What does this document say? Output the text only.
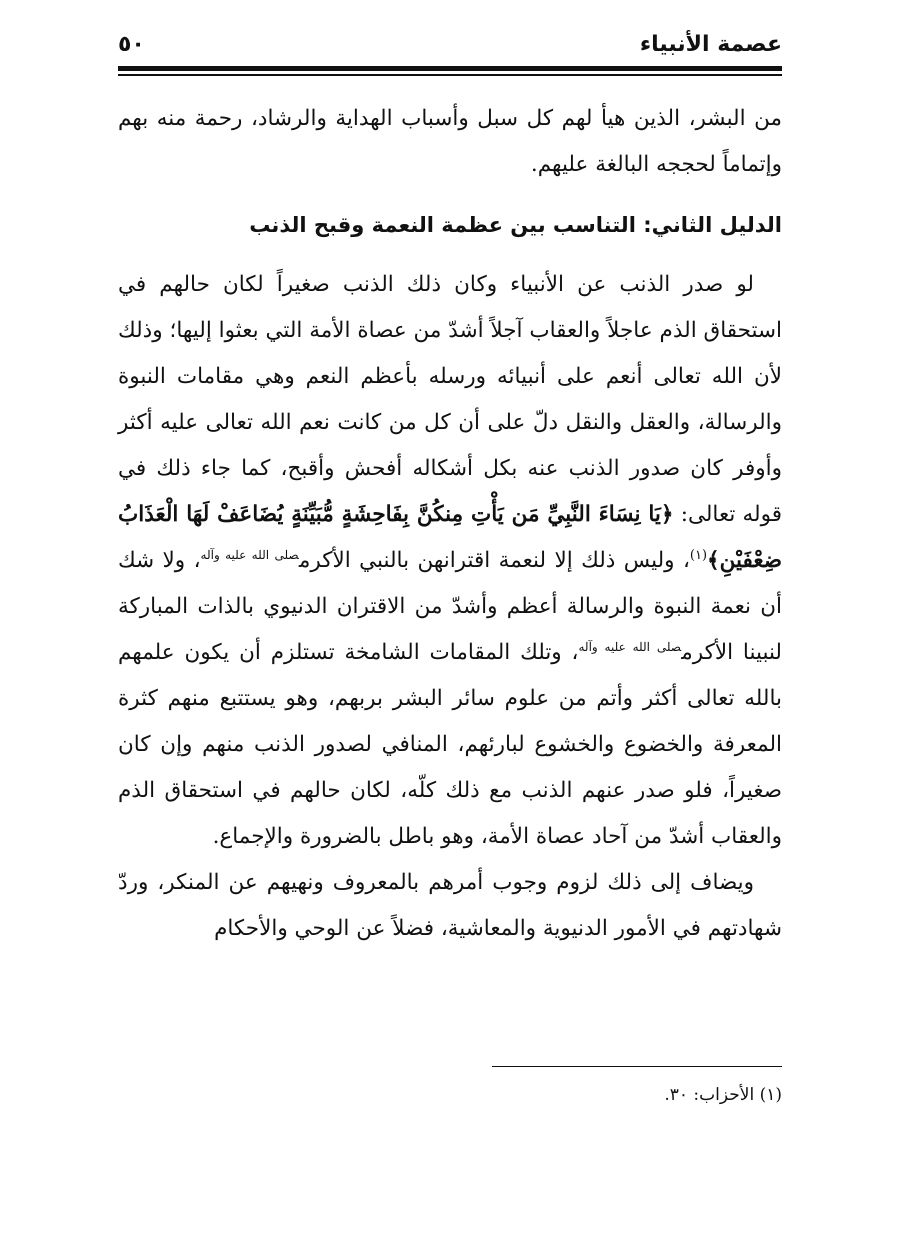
عصمة الأنبياء
٥٠

من البشر، الذين هيأ لهم كل سبل وأسباب الهداية والرشاد، رحمة منه بهم وإتماماً لحججه البالغة عليهم.

الدليل الثاني: التناسب بين عظمة النعمة وقبح الذنب

لو صدر الذنب عن الأنبياء وكان ذلك الذنب صغيراً لكان حالهم في استحقاق الذم عاجلاً والعقاب آجلاً أشدّ من عصاة الأمة التي بعثوا إليها؛ وذلك لأن الله تعالى أنعم على أنبيائه ورسله بأعظم النعم وهي مقامات النبوة والرسالة، والعقل والنقل دلّ على أن كل من كانت نعم الله تعالى عليه أكثر وأوفر كان صدور الذنب عنه بكل أشكاله أفحش وأقبح، كما جاء ذلك في قوله تعالى: ﴿يَا نِسَاءَ النَّبِيِّ مَن يَأْتِ مِنكُنَّ بِفَاحِشَةٍ مُّبَيِّنَةٍ يُضَاعَفْ لَهَا الْعَذَابُ ضِعْفَيْنِ﴾$^{(١)}$، وليس ذلك إلا لنعمة اقترانهن بالنبي الأكرم$^{صلى الله عليه وآله}$، ولا شك أن نعمة النبوة والرسالة أعظم وأشدّ من الاقتران الدنيوي بالذات المباركة لنبينا الأكرم$^{صلى الله عليه وآله}$، وتلك المقامات الشامخة تستلزم أن يكون علمهم بالله تعالى أكثر وأتم من علوم سائر البشر بربهم، وهو يستتبع منهم كثرة المعرفة والخضوع والخشوع لبارئهم، المنافي لصدور الذنب منهم وإن كان صغيراً، فلو صدر عنهم الذنب مع ذلك كلّه، لكان حالهم في استحقاق الذم والعقاب أشدّ من آحاد عصاة الأمة، وهو باطل بالضرورة والإجماع.

ويضاف إلى ذلك لزوم وجوب أمرهم بالمعروف ونهيهم عن المنكر، وردّ شهادتهم في الأمور الدنيوية والمعاشية، فضلاً عن الوحي والأحكام

(١) الأحزاب: ٣٠.
